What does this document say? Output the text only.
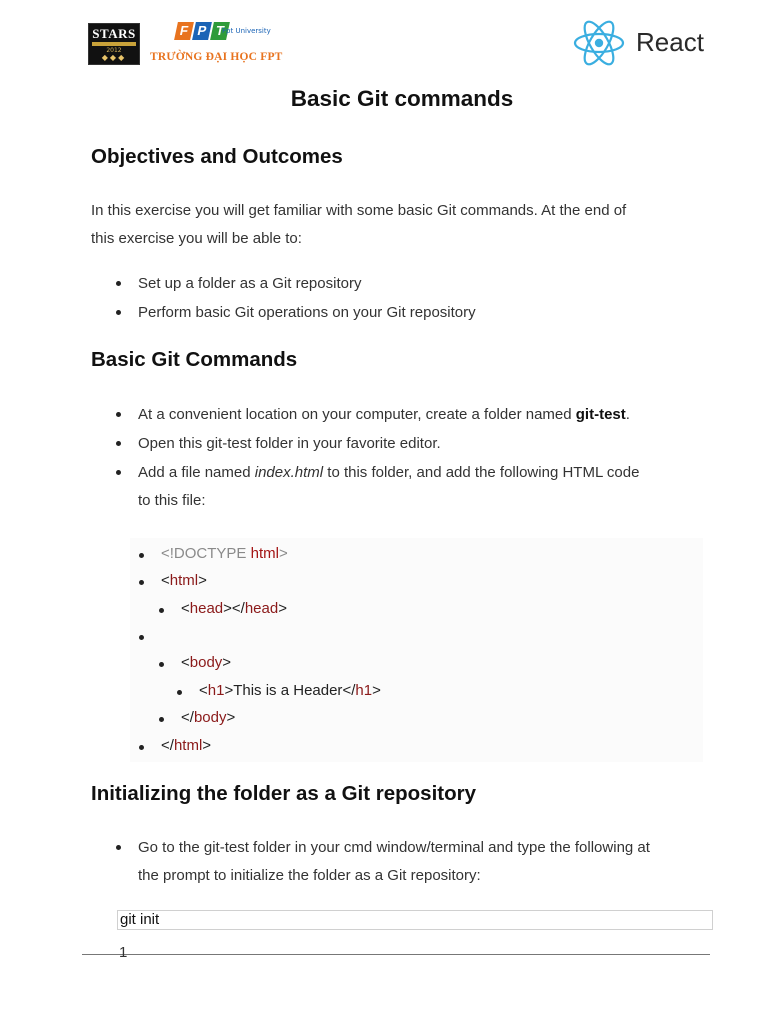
STARS
2012
◆◆◆
F P T
Fpt University
TRƯỜNG ĐẠI HỌC FPT	React
Basic Git commands
Objectives and Outcomes
In this exercise you will get familiar with some basic Git commands. At the end of
this exercise you will be able to:
Set up a folder as a Git repository
Perform basic Git operations on your Git repository
Basic Git Commands
At a convenient location on your computer, create a folder named git-test.
Open this git-test folder in your favorite editor.
Add a file named index.html to this folder, and add the following HTML code
to this file:
<!DOCTYPE html>
<html>
<head></head>
<body>
<h1>This is a Header</h1>
</body>
</html>
Initializing the folder as a Git repository
Go to the git-test folder in your cmd window/terminal and type the following at
the prompt to initialize the folder as a Git repository:
git init
1
